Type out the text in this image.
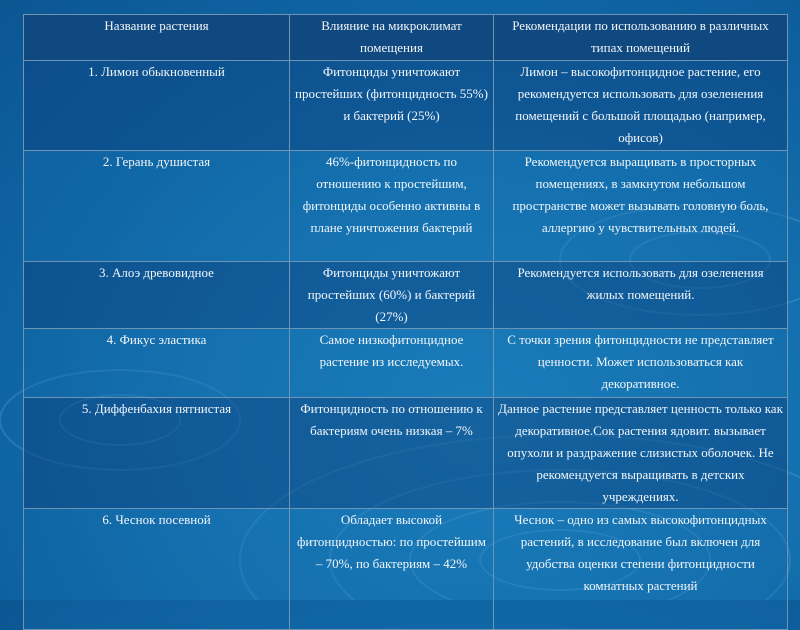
Название растения	Влияние на микроклимат помещения	Рекомендации по использованию в различных типах помещений
1. Лимон обыкновенный	Фитонциды уничтожают простейших (фитонцидность 55%) и бактерий (25%)	Лимон – высокофитонцидное растение, его рекомендуется использовать для озеленения помещений с большой площадью (например, офисов)
2. Герань душистая	46%-фитонцидность по отношению к простейшим, фитонциды особенно активны в плане уничтожения бактерий	Рекомендуется выращивать в просторных помещениях, в замкнутом небольшом пространстве может вызывать головную боль, аллергию у чувствительных людей.
3. Алоэ древовидное	Фитонциды уничтожают простейших (60%) и бактерий (27%)	Рекомендуется использовать для озеленения жилых помещений.
4. Фикус эластика	Самое низкофитонцидное растение из исследуемых.	С точки зрения фитонцидности не представляет ценности. Может использоваться как декоративное.
5. Диффенбахия пятнистая	Фитонцидность по отношению к бактериям очень низкая – 7%	Данное растение представляет ценность только как декоративное.Сок растения ядовит. вызывает опухоли и раздражение слизистых оболочек. Не рекомендуется выращивать в детских учреждениях.
6. Чеснок посевной	Обладает высокой фитонцидностью: по простейшим – 70%, по бактериям – 42%	Чеснок – одно из самых высокофитонцидных растений, в исследование был включен для удобства оценки степени фитонцидности комнатных растений
